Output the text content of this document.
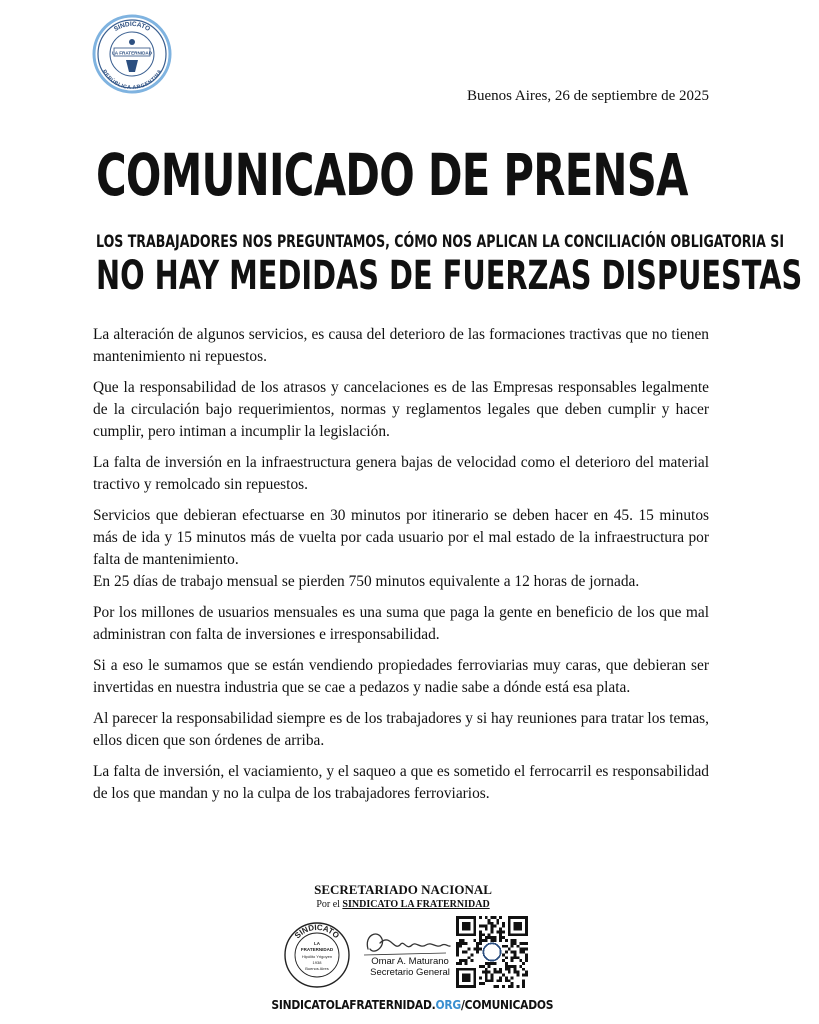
SINDICATO
REPÚBLICA ARGENTINA
LA FRATERNIDAD
Buenos Aires, 26 de septiembre de 2025
COMUNICADO DE PRENSA
LOS TRABAJADORES NOS PREGUNTAMOS, CÓMO NOS APLICAN LA CONCILIACIÓN OBLIGATORIA SI
NO HAY MEDIDAS DE FUERZAS DISPUESTAS

La alteración de algunos servicios, es causa del deterioro de las formaciones tractivas que no tienen mantenimiento ni repuestos.

Que la responsabilidad de los atrasos y cancelaciones es de las Empresas responsables legalmente de la circulación bajo requerimientos, normas y reglamentos legales que deben cumplir y hacer cumplir, pero intiman a incumplir la legislación.

La falta de inversión en la infraestructura genera bajas de velocidad como el deterioro del material tractivo y remolcado sin repuestos.

Servicios que debieran efectuarse en 30 minutos por itinerario se deben hacer en 45. 15 minutos más de ida y 15 minutos más de vuelta por cada usuario por el mal estado de la infraestructura por falta de mantenimiento.

En 25 días de trabajo mensual se pierden 750 minutos equivalente a 12 horas de jornada.

Por los millones de usuarios mensuales es una suma que paga la gente en beneficio de los que mal administran con falta de inversiones e irresponsabilidad.

Si a eso le sumamos que se están vendiendo propiedades ferroviarias muy caras, que debieran ser invertidas en nuestra industria que se cae a pedazos y nadie sabe a dónde está esa plata.

Al parecer la responsabilidad siempre es de los trabajadores y si hay reuniones para tratar los temas, ellos dicen que son órdenes de arriba.

La falta de inversión, el vaciamiento, y el saqueo a que es sometido el ferrocarril es responsabilidad de los que mandan y no la culpa de los trabajadores ferroviarios.

SECRETARIADO NACIONAL
Por el SINDICATO LA FRATERNIDAD
SINDICATO
LA
FRATERNIDAD
Hipólito Yrigoyen
1938
Buenos Aires
Omar A. Maturano
Secretario General
SINDICATOLAFRATERNIDAD.ORG/COMUNICADOS
